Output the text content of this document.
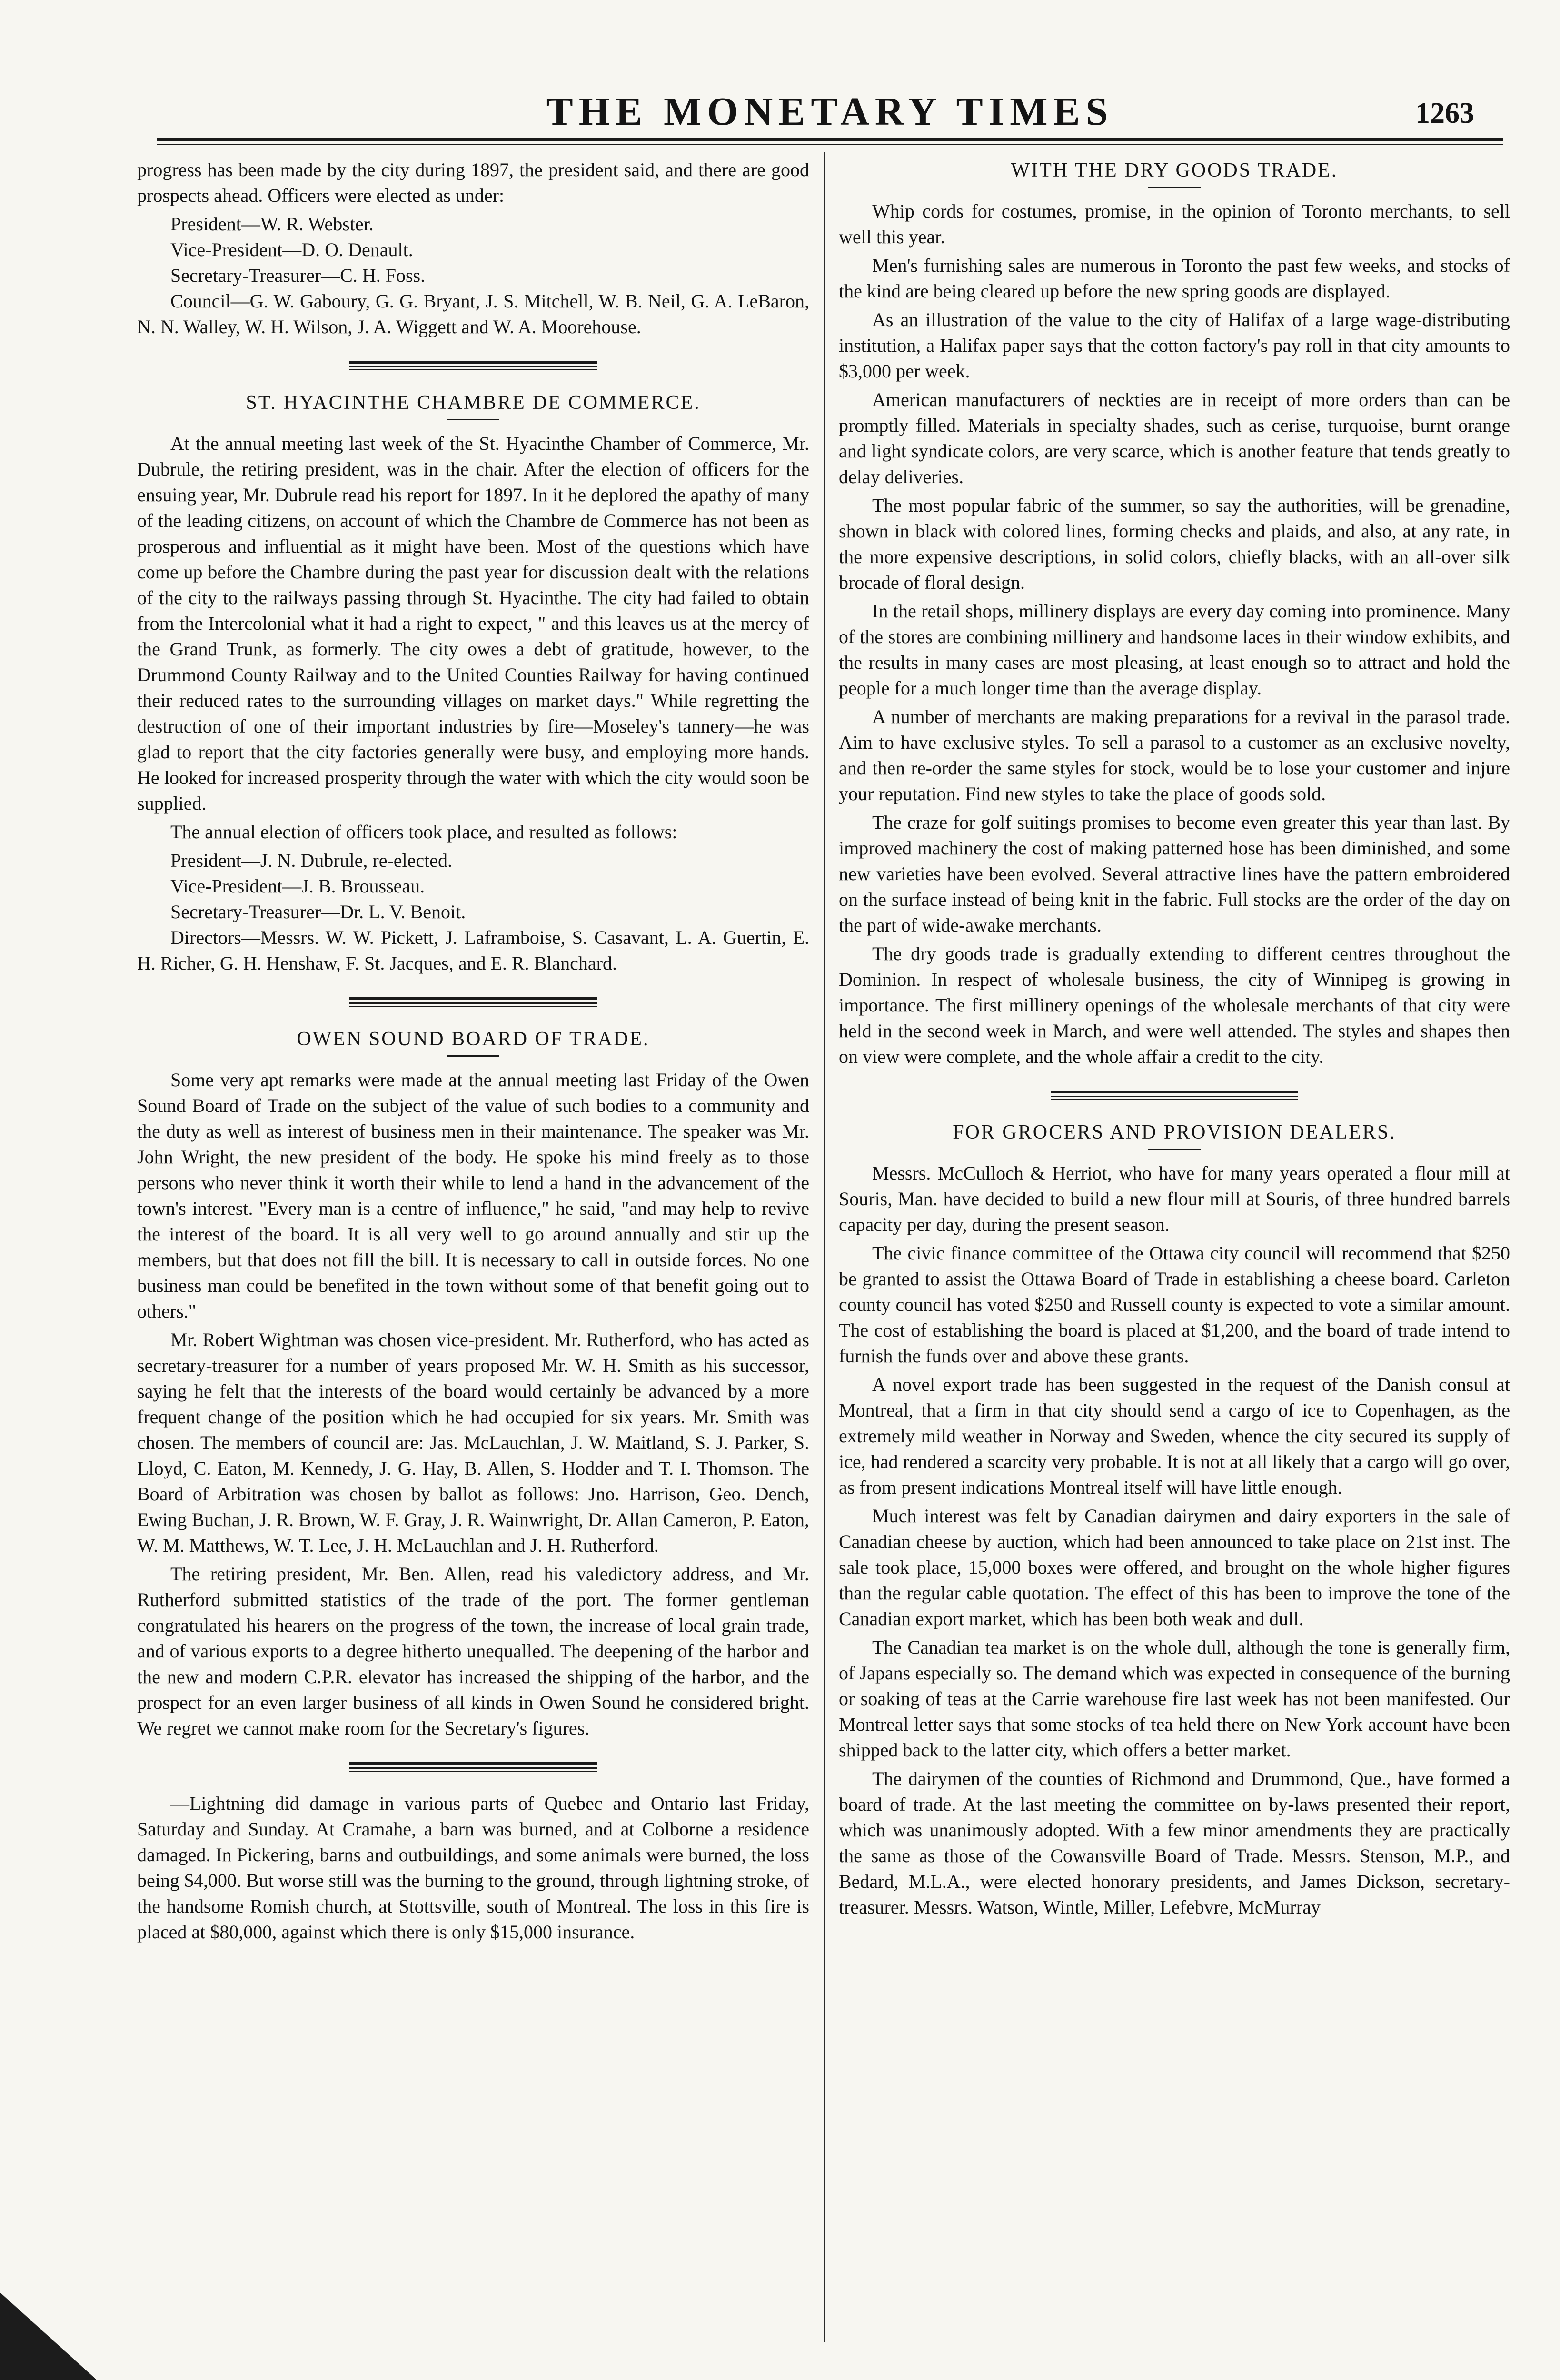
THE MONETARY TIMES	1263

progress has been made by the city during 1897, the president said, and there are good prospects ahead. Officers were elected as under:

President—W. R. Webster.

Vice-President—D. O. Denault.

Secretary-Treasurer—C. H. Foss.

Council—G. W. Gaboury, G. G. Bryant, J. S. Mitchell, W. B. Neil, G. A. LeBaron, N. N. Walley, W. H. Wilson, J. A. Wiggett and W. A. Moorehouse.

ST. HYACINTHE CHAMBRE DE COMMERCE.

At the annual meeting last week of the St. Hyacinthe Chamber of Commerce, Mr. Dubrule, the retiring president, was in the chair. After the election of officers for the ensuing year, Mr. Dubrule read his report for 1897. In it he deplored the apathy of many of the leading citizens, on account of which the Chambre de Commerce has not been as prosperous and influential as it might have been. Most of the questions which have come up before the Chambre during the past year for discussion dealt with the relations of the city to the railways passing through St. Hyacinthe. The city had failed to obtain from the Intercolonial what it had a right to expect, " and this leaves us at the mercy of the Grand Trunk, as formerly. The city owes a debt of gratitude, however, to the Drummond County Railway and to the United Counties Railway for having continued their reduced rates to the surrounding villages on market days." While regretting the destruction of one of their important industries by fire—Moseley's tannery—he was glad to report that the city factories generally were busy, and employing more hands. He looked for increased prosperity through the water with which the city would soon be supplied.

The annual election of officers took place, and resulted as follows:

President—J. N. Dubrule, re-elected.

Vice-President—J. B. Brousseau.

Secretary-Treasurer—Dr. L. V. Benoit.

Directors—Messrs. W. W. Pickett, J. Laframboise, S. Casavant, L. A. Guertin, E. H. Richer, G. H. Henshaw, F. St. Jacques, and E. R. Blanchard.

OWEN SOUND BOARD OF TRADE.

Some very apt remarks were made at the annual meeting last Friday of the Owen Sound Board of Trade on the subject of the value of such bodies to a community and the duty as well as interest of business men in their maintenance. The speaker was Mr. John Wright, the new president of the body. He spoke his mind freely as to those persons who never think it worth their while to lend a hand in the advancement of the town's interest. "Every man is a centre of influence," he said, "and may help to revive the interest of the board. It is all very well to go around annually and stir up the members, but that does not fill the bill. It is necessary to call in outside forces. No one business man could be benefited in the town without some of that benefit going out to others."

Mr. Robert Wightman was chosen vice-president. Mr. Rutherford, who has acted as secretary-treasurer for a number of years proposed Mr. W. H. Smith as his successor, saying he felt that the interests of the board would certainly be advanced by a more frequent change of the position which he had occupied for six years. Mr. Smith was chosen. The members of council are: Jas. McLauchlan, J. W. Maitland, S. J. Parker, S. Lloyd, C. Eaton, M. Kennedy, J. G. Hay, B. Allen, S. Hodder and T. I. Thomson. The Board of Arbitration was chosen by ballot as follows: Jno. Harrison, Geo. Dench, Ewing Buchan, J. R. Brown, W. F. Gray, J. R. Wainwright, Dr. Allan Cameron, P. Eaton, W. M. Matthews, W. T. Lee, J. H. McLauchlan and J. H. Rutherford.

The retiring president, Mr. Ben. Allen, read his valedictory address, and Mr. Rutherford submitted statistics of the trade of the port. The former gentleman congratulated his hearers on the progress of the town, the increase of local grain trade, and of various exports to a degree hitherto unequalled. The deepening of the harbor and the new and modern C.P.R. elevator has increased the shipping of the harbor, and the prospect for an even larger business of all kinds in Owen Sound he considered bright. We regret we cannot make room for the Secretary's figures.

—Lightning did damage in various parts of Quebec and Ontario last Friday, Saturday and Sunday. At Cramahe, a barn was burned, and at Colborne a residence damaged. In Pickering, barns and outbuildings, and some animals were burned, the loss being $4,000. But worse still was the burning to the ground, through lightning stroke, of the handsome Romish church, at Stottsville, south of Montreal. The loss in this fire is placed at $80,000, against which there is only $15,000 insurance.

WITH THE DRY GOODS TRADE.

Whip cords for costumes, promise, in the opinion of Toronto merchants, to sell well this year.

Men's furnishing sales are numerous in Toronto the past few weeks, and stocks of the kind are being cleared up before the new spring goods are displayed.

As an illustration of the value to the city of Halifax of a large wage-distributing institution, a Halifax paper says that the cotton factory's pay roll in that city amounts to $3,000 per week.

American manufacturers of neckties are in receipt of more orders than can be promptly filled. Materials in specialty shades, such as cerise, turquoise, burnt orange and light syndicate colors, are very scarce, which is another feature that tends greatly to delay deliveries.

The most popular fabric of the summer, so say the authorities, will be grenadine, shown in black with colored lines, forming checks and plaids, and also, at any rate, in the more expensive descriptions, in solid colors, chiefly blacks, with an all-over silk brocade of floral design.

In the retail shops, millinery displays are every day coming into prominence. Many of the stores are combining millinery and handsome laces in their window exhibits, and the results in many cases are most pleasing, at least enough so to attract and hold the people for a much longer time than the average display.

A number of merchants are making preparations for a revival in the parasol trade. Aim to have exclusive styles. To sell a parasol to a customer as an exclusive novelty, and then re-order the same styles for stock, would be to lose your customer and injure your reputation. Find new styles to take the place of goods sold.

The craze for golf suitings promises to become even greater this year than last. By improved machinery the cost of making patterned hose has been diminished, and some new varieties have been evolved. Several attractive lines have the pattern embroidered on the surface instead of being knit in the fabric. Full stocks are the order of the day on the part of wide-awake merchants.

The dry goods trade is gradually extending to different centres throughout the Dominion. In respect of wholesale business, the city of Winnipeg is growing in importance. The first millinery openings of the wholesale merchants of that city were held in the second week in March, and were well attended. The styles and shapes then on view were complete, and the whole affair a credit to the city.

FOR GROCERS AND PROVISION DEALERS.

Messrs. McCulloch & Herriot, who have for many years operated a flour mill at Souris, Man. have decided to build a new flour mill at Souris, of three hundred barrels capacity per day, during the present season.

The civic finance committee of the Ottawa city council will recommend that $250 be granted to assist the Ottawa Board of Trade in establishing a cheese board. Carleton county council has voted $250 and Russell county is expected to vote a similar amount. The cost of establishing the board is placed at $1,200, and the board of trade intend to furnish the funds over and above these grants.

A novel export trade has been suggested in the request of the Danish consul at Montreal, that a firm in that city should send a cargo of ice to Copenhagen, as the extremely mild weather in Norway and Sweden, whence the city secured its supply of ice, had rendered a scarcity very probable. It is not at all likely that a cargo will go over, as from present indications Montreal itself will have little enough.

Much interest was felt by Canadian dairymen and dairy exporters in the sale of Canadian cheese by auction, which had been announced to take place on 21st inst. The sale took place, 15,000 boxes were offered, and brought on the whole higher figures than the regular cable quotation. The effect of this has been to improve the tone of the Canadian export market, which has been both weak and dull.

The Canadian tea market is on the whole dull, although the tone is generally firm, of Japans especially so. The demand which was expected in consequence of the burning or soaking of teas at the Carrie warehouse fire last week has not been manifested. Our Montreal letter says that some stocks of tea held there on New York account have been shipped back to the latter city, which offers a better market.

The dairymen of the counties of Richmond and Drummond, Que., have formed a board of trade. At the last meeting the committee on by-laws presented their report, which was unanimously adopted. With a few minor amendments they are practically the same as those of the Cowansville Board of Trade. Messrs. Stenson, M.P., and Bedard, M.L.A., were elected honorary presidents, and James Dickson, secretary-treasurer. Messrs. Watson, Wintle, Miller, Lefebvre, McMurray
